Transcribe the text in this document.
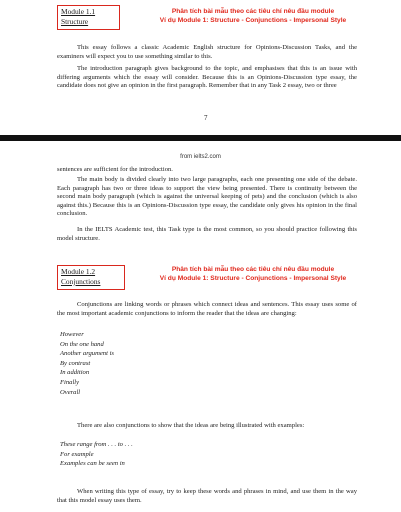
Module 1.1
Structure
Phân tích bài mẫu theo các tiêu chí nêu đầu module
Ví dụ Module 1: Structure - Conjunctions - Impersonal Style

This essay follows a classic Academic English structure for Opinions-Discussion Tasks, and the examiners will expect you to use something similar to this.

The introduction paragraph gives background to the topic, and emphasises that this is an issue with differing arguments which the essay will consider. Because this is an Opinions-Discussion type essay, the candidate does not give an opinion in the first paragraph. Remember that in any Task 2 essay, two or three

7
from ielts2.com

sentences are sufficient for the introduction.

The main body is divided clearly into two large paragraphs, each one presenting one side of the debate. Each paragraph has two or three ideas to support the view being presented. There is continuity between the second main body paragraph (which is against the universal keeping of pets) and the conclusion (which is also against this.) Because this is an Opinions-Discussion type essay, the candidate only gives his opinion in the final conclusion.

In the IELTS Academic test, this Task type is the most common, so you should practice following this model structure.

Module 1.2
Conjunctions
Phân tích bài mẫu theo các tiêu chí nêu đầu module
Ví dụ Module 1: Structure - Conjunctions - Impersonal Style

Conjunctions are linking words or phrases which connect ideas and sentences. This essay uses some of the most important academic conjunctions to inform the reader that the ideas are changing:

However
On the one hand
Another argument is
By contrast
In addition
Finally
Overall

There are also conjunctions to show that the ideas are being illustrated with examples:

These range from . . . to . . .
For example
Examples can be seen in

When writing this type of essay, try to keep these words and phrases in mind, and use them in the way that this model essay uses them.
